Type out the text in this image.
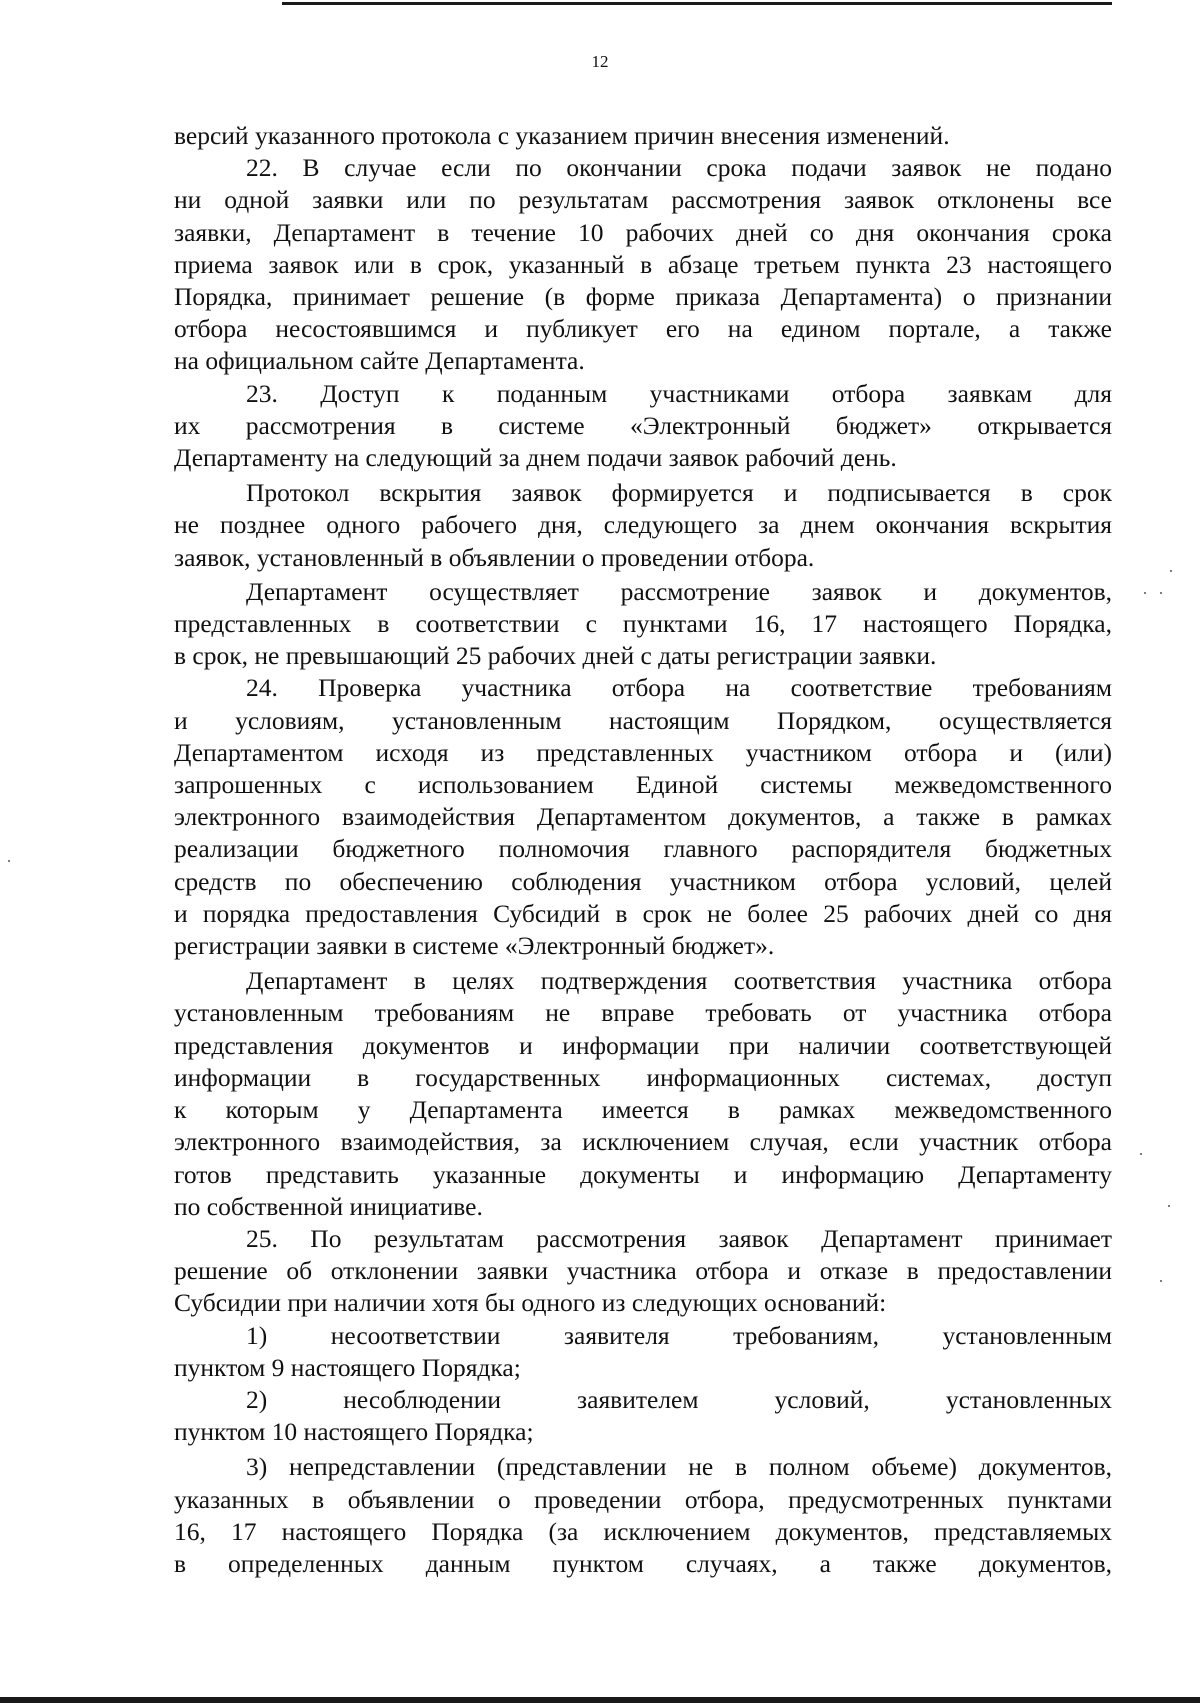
12
версий указанного протокола с указанием причин внесения изменений.
22. В случае если по окончании срока подачи заявок не подано
ни одной заявки или по результатам рассмотрения заявок отклонены все
заявки, Департамент в течение 10 рабочих дней со дня окончания срока
приема заявок или в срок, указанный в абзаце третьем пункта 23 настоящего
Порядка, принимает решение (в форме приказа Департамента) о признании
отбора несостоявшимся и публикует его на едином портале, а также
на официальном сайте Департамента.
23. Доступ к поданным участниками отбора заявкам для
их рассмотрения в системе «Электронный бюджет» открывается
Департаменту на следующий за днем подачи заявок рабочий день.
Протокол вскрытия заявок формируется и подписывается в срок
не позднее одного рабочего дня, следующего за днем окончания вскрытия
заявок, установленный в объявлении о проведении отбора.
Департамент осуществляет рассмотрение заявок и документов,
представленных в соответствии с пунктами 16, 17 настоящего Порядка,
в срок, не превышающий 25 рабочих дней с даты регистрации заявки.
24. Проверка участника отбора на соответствие требованиям
и условиям, установленным настоящим Порядком, осуществляется
Департаментом исходя из представленных участником отбора и (или)
запрошенных с использованием Единой системы межведомственного
электронного взаимодействия Департаментом документов, а также в рамках
реализации бюджетного полномочия главного распорядителя бюджетных
средств по обеспечению соблюдения участником отбора условий, целей
и порядка предоставления Субсидий в срок не более 25 рабочих дней со дня
регистрации заявки в системе «Электронный бюджет».
Департамент в целях подтверждения соответствия участника отбора
установленным требованиям не вправе требовать от участника отбора
представления документов и информации при наличии соответствующей
информации в государственных информационных системах, доступ
к которым у Департамента имеется в рамках межведомственного
электронного взаимодействия, за исключением случая, если участник отбора
готов представить указанные документы и информацию Департаменту
по собственной инициативе.
25. По результатам рассмотрения заявок Департамент принимает
решение об отклонении заявки участника отбора и отказе в предоставлении
Субсидии при наличии хотя бы одного из следующих оснований:
1) несоответствии заявителя требованиям, установленным
пунктом 9 настоящего Порядка;
2) несоблюдении заявителем условий, установленных
пунктом 10 настоящего Порядка;
3) непредставлении (представлении не в полном объеме) документов,
указанных в объявлении о проведении отбора, предусмотренных пунктами
16, 17 настоящего Порядка (за исключением документов, представляемых
в определенных данным пунктом случаях, а также документов,
